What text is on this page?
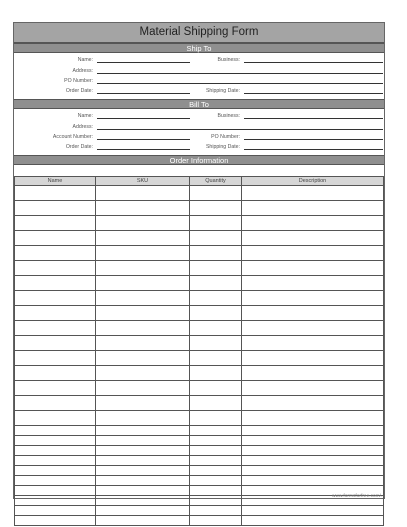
Material Shipping Form
Ship To
Name:	Business:
Address:
PO Number:
Order Date:	Shipping Date:
Bill To
Name:	Business:
Address:
Account Number:	PO Number:
Order Date:	Shipping Date:
Order Information
Name	SKU	Quantity	Description

www.formsforfree.com/...
